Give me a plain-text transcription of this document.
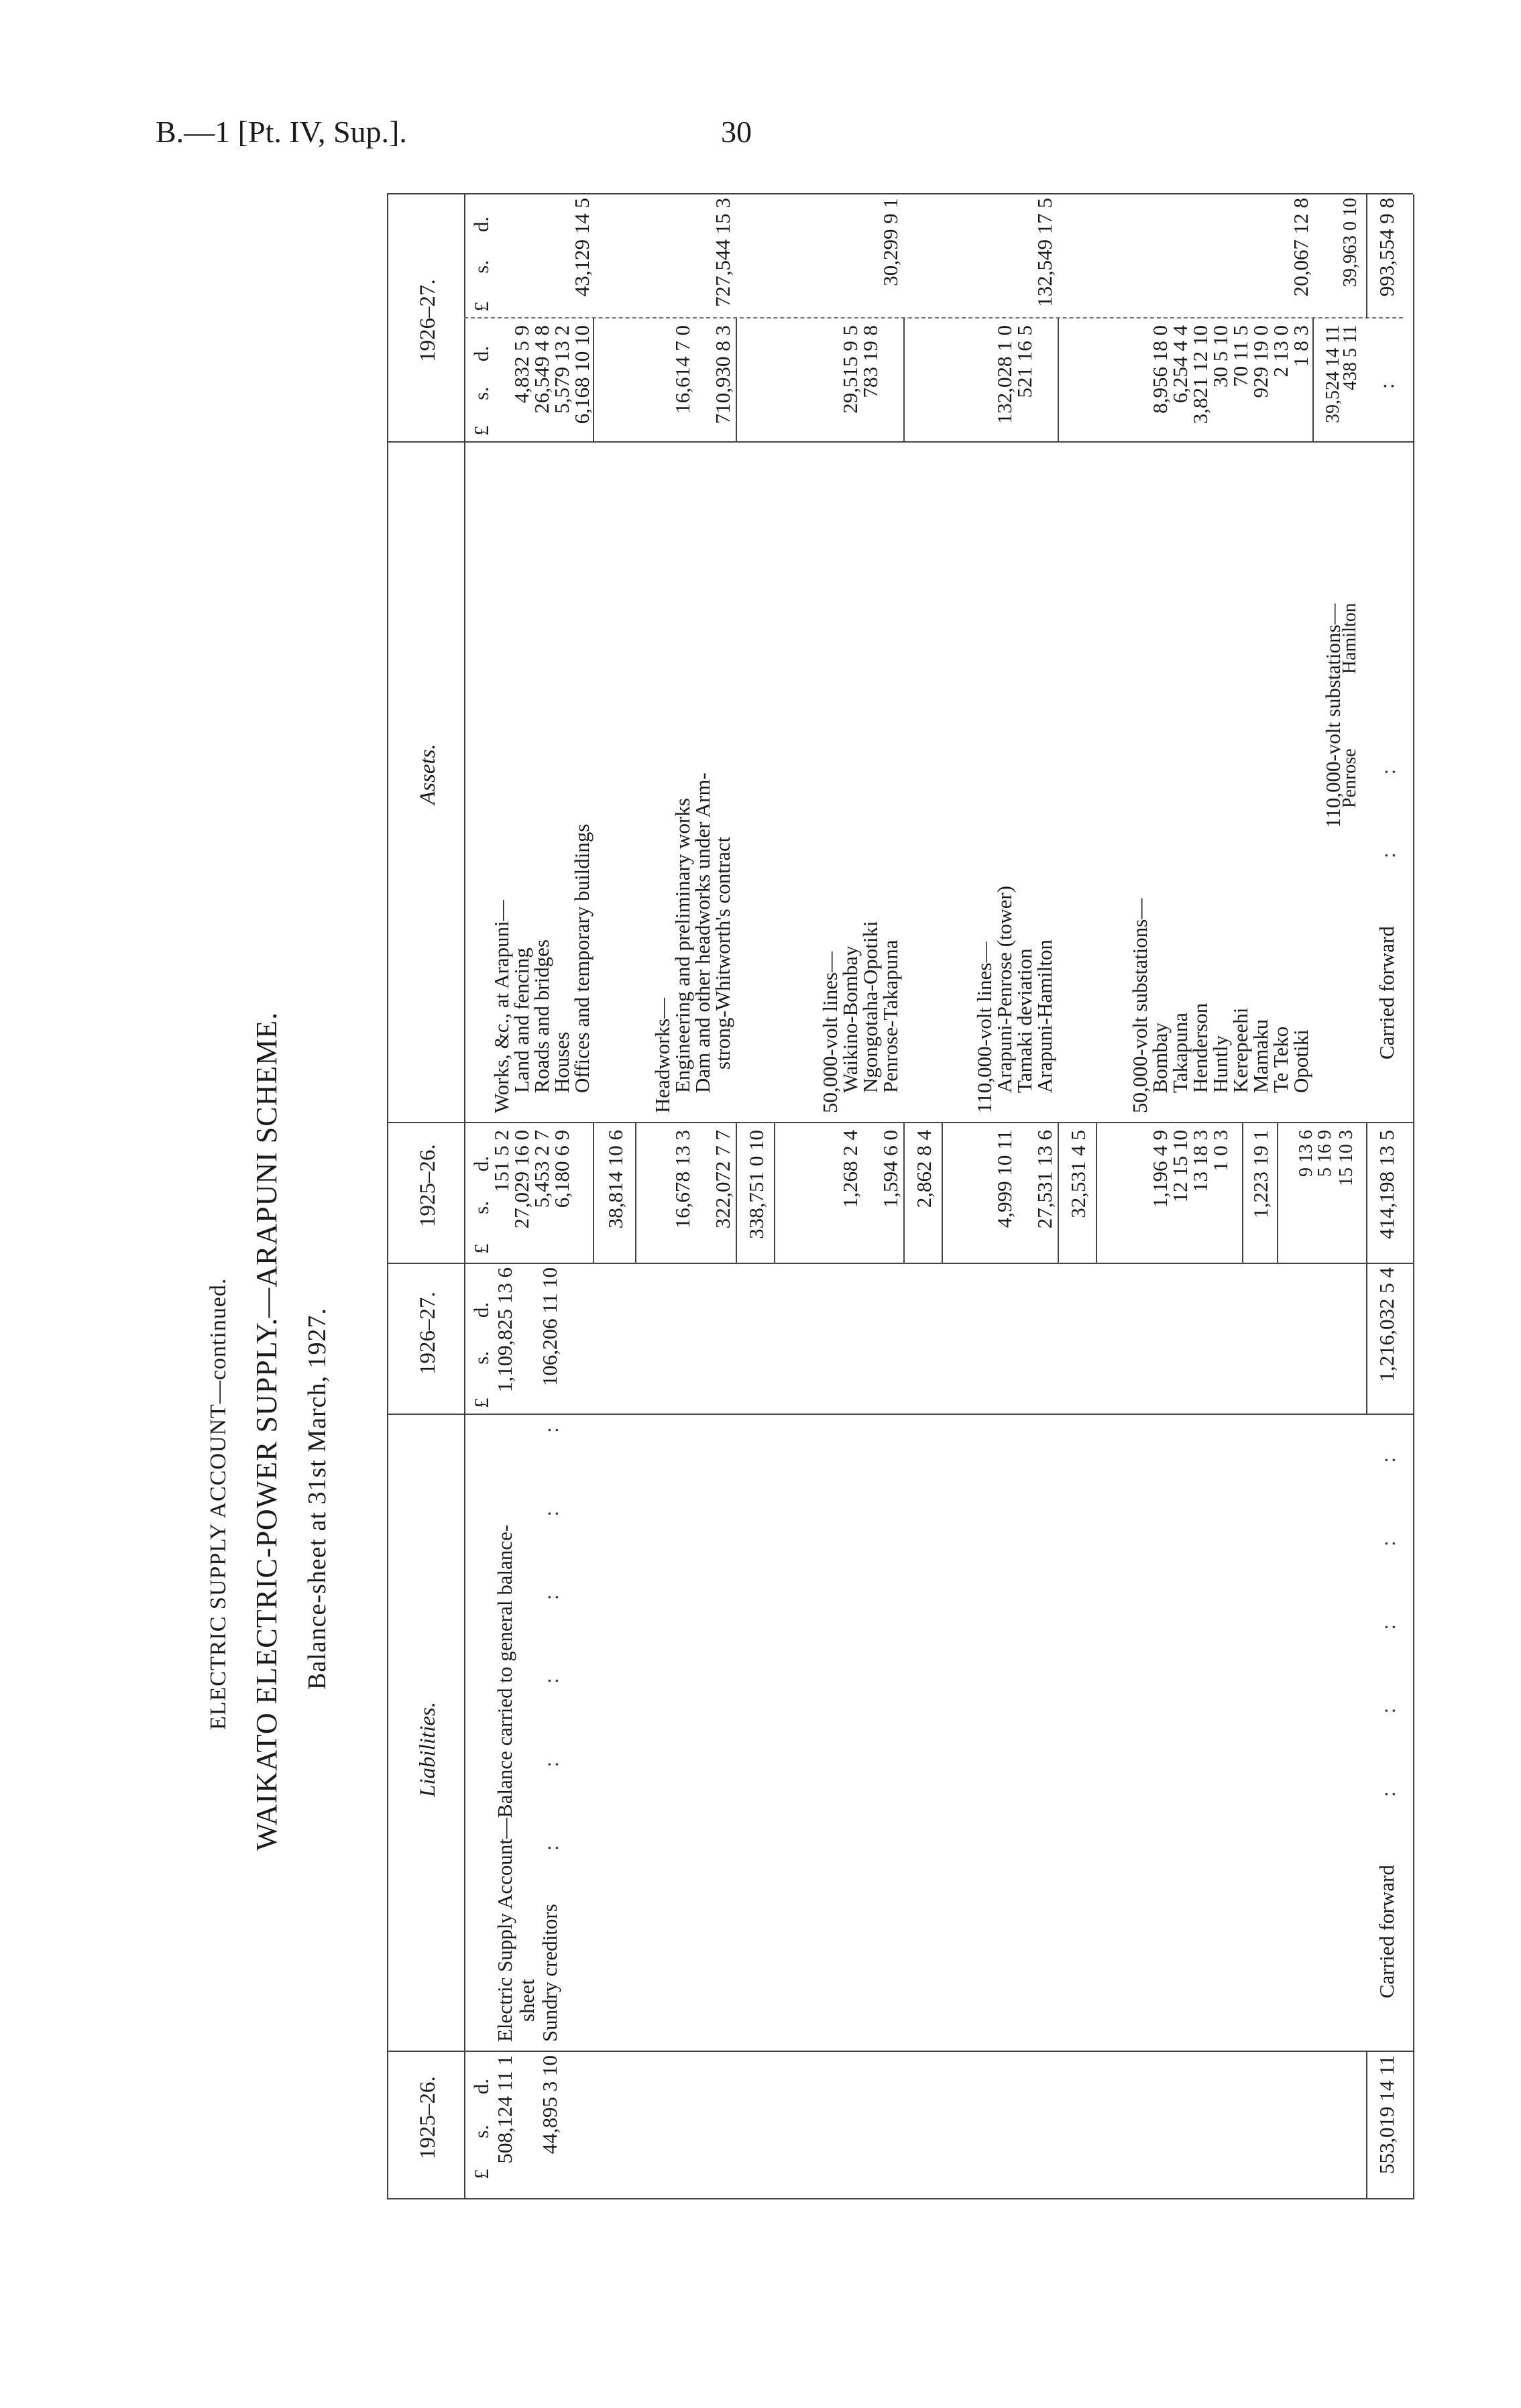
B.—1 [Pt. IV, Sup.].	30
ELECTRIC SUPPLY ACCOUNT—continued. WAIKATO ELECTRIC-POWER SUPPLY.—ARAPUNI SCHEME. Balance-sheet at 31st March, 1927.
1925–26.
Liabilities.
1926–27.
1925–26.
Assets.
1926–27.
£ s. d.
£ s. d.
£ s. d.
£ s. d.
£ s. d.
508,124 11 1 44,895 3 10
Electric Supply Account—Balance carried to general balance-
sheet Sundry creditors
:        :        :        :        :        :
1,109,825 13 6 106,206 11 10
553,019 14 11
Carried forward
:        :        :        :        :
1,216,032 5 4
Works, &c., at Arapuni—
Land and fencing
Roads and bridges
Houses
Offices and temporary buildings
151 5 2
27,029 16 0
5,453 2 7
6,180 6 9
4,832 5 9
26,549 4 8
5,579 13 2
6,168 10 10
38,814 10 6
43,129 14 5
Headworks—
Engineering and preliminary works
Dam and other headworks under Arm-
strong-Whitworth's contract
16,678 13 3 322,072 7 7
16,614 7 0 710,930 8 3
338,751 0 10
727,544 15 3
50,000-volt lines—
Waikino-Bombay
Ngongotaha-Opotiki
Penrose-Takapuna
1,268 2 4 1,594 6 0
29,515 9 5
783 19 8
2,862 8 4
30,299 9 1
110,000-volt lines—
Arapuni-Penrose (tower)
Tamaki deviation
Arapuni-Hamilton
4,999 10 11 27,531 13 6
132,028 1 0
521 16 5
32,531 4 5
132,549 17 5
50,000-volt substations—
Bombay
Takapuna
Henderson
Huntly
Kerepeehi
Mamaku
Te Teko
Opotiki
1,196 4 9
12 15 10
13 18 3
1 0 3
8,956 18 0
6,254 4 4
3,821 12 10
30 5 10
70 11 5
929 19 0
2 13 0
1 8 3
1,223 19 1
20,067 12 8
110,000-volt substations—
Penrose
Hamilton
9 13 6
5 16 9 15 10 3
39,524 14 11
438 5 11
39,963 0 10
414,198 13 5
Carried forward
:        :
:
993,554 9 8
